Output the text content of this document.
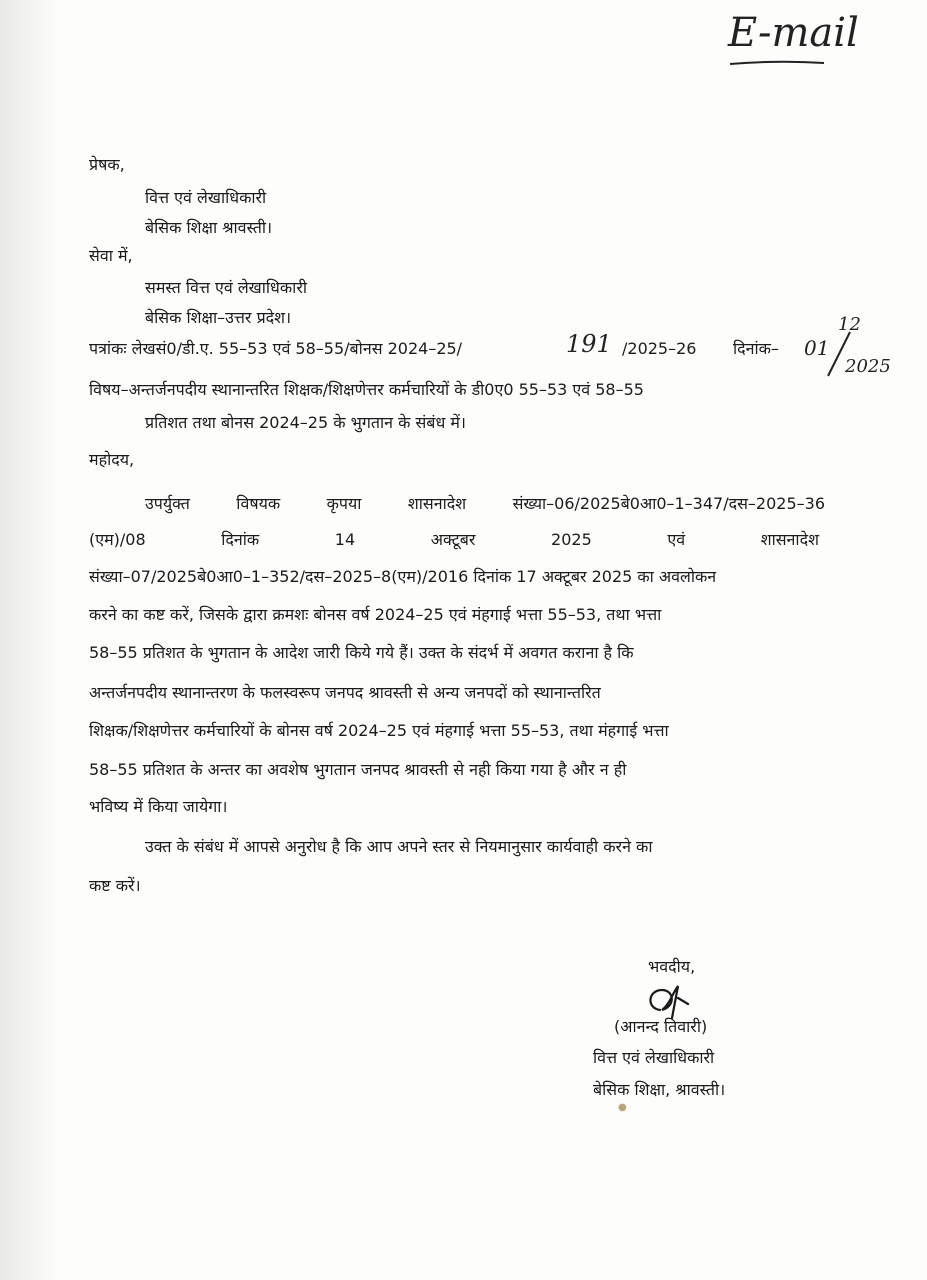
E-mail
प्रेषक,
वित्त एवं लेखाधिकारी
बेसिक शिक्षा श्रावस्ती।
सेवा में,
समस्त वित्त एवं लेखाधिकारी
बेसिक शिक्षा–उत्तर प्रदेश।
पत्रांकः लेखसं0/डी.ए. 55–53 एवं 58–55/बोनस 2024–25/	191 /2025–26 दिनांक– 01
12
2025
विषय–अन्तर्जनपदीय स्थानान्तरित शिक्षक/शिक्षणेत्तर कर्मचारियों के डी0ए0 55–53 एवं 58–55
प्रतिशत तथा बोनस 2024–25 के भुगतान के संबंध में।
महोदय,
उपर्युक्त	विषयक	कृपया	शासनादेश	संख्या–06/2025बे0आ0–1–347/दस–2025–36
(एम)/08	दिनांक	14	अक्टूबर	2025	एवं	शासनादेश
संख्या–07/2025बे0आ0–1–352/दस–2025–8(एम)/2016 दिनांक 17 अक्टूबर 2025 का अवलोकन
करने का कष्ट करें, जिसके द्वारा क्रमशः बोनस वर्ष 2024–25 एवं मंहगाई भत्ता 55–53, तथा भत्ता
58–55 प्रतिशत के भुगतान के आदेश जारी किये गये हैं। उक्त के संदर्भ में अवगत कराना है कि
अन्तर्जनपदीय स्थानान्तरण के फलस्वरूप जनपद श्रावस्ती से अन्य जनपदों को स्थानान्तरित
शिक्षक/शिक्षणेत्तर कर्मचारियों के बोनस वर्ष 2024–25 एवं मंहगाई भत्ता 55–53, तथा मंहगाई भत्ता
58–55 प्रतिशत के अन्तर का अवशेष भुगतान जनपद श्रावस्ती से नही किया गया है और न ही
भविष्य में किया जायेगा।
उक्त के संबंध में आपसे अनुरोध है कि आप अपने स्तर से नियमानुसार कार्यवाही करने का
कष्ट करें।
भवदीय,
(आनन्द तिवारी)
वित्त एवं लेखाधिकारी
बेसिक शिक्षा, श्रावस्ती।
●
